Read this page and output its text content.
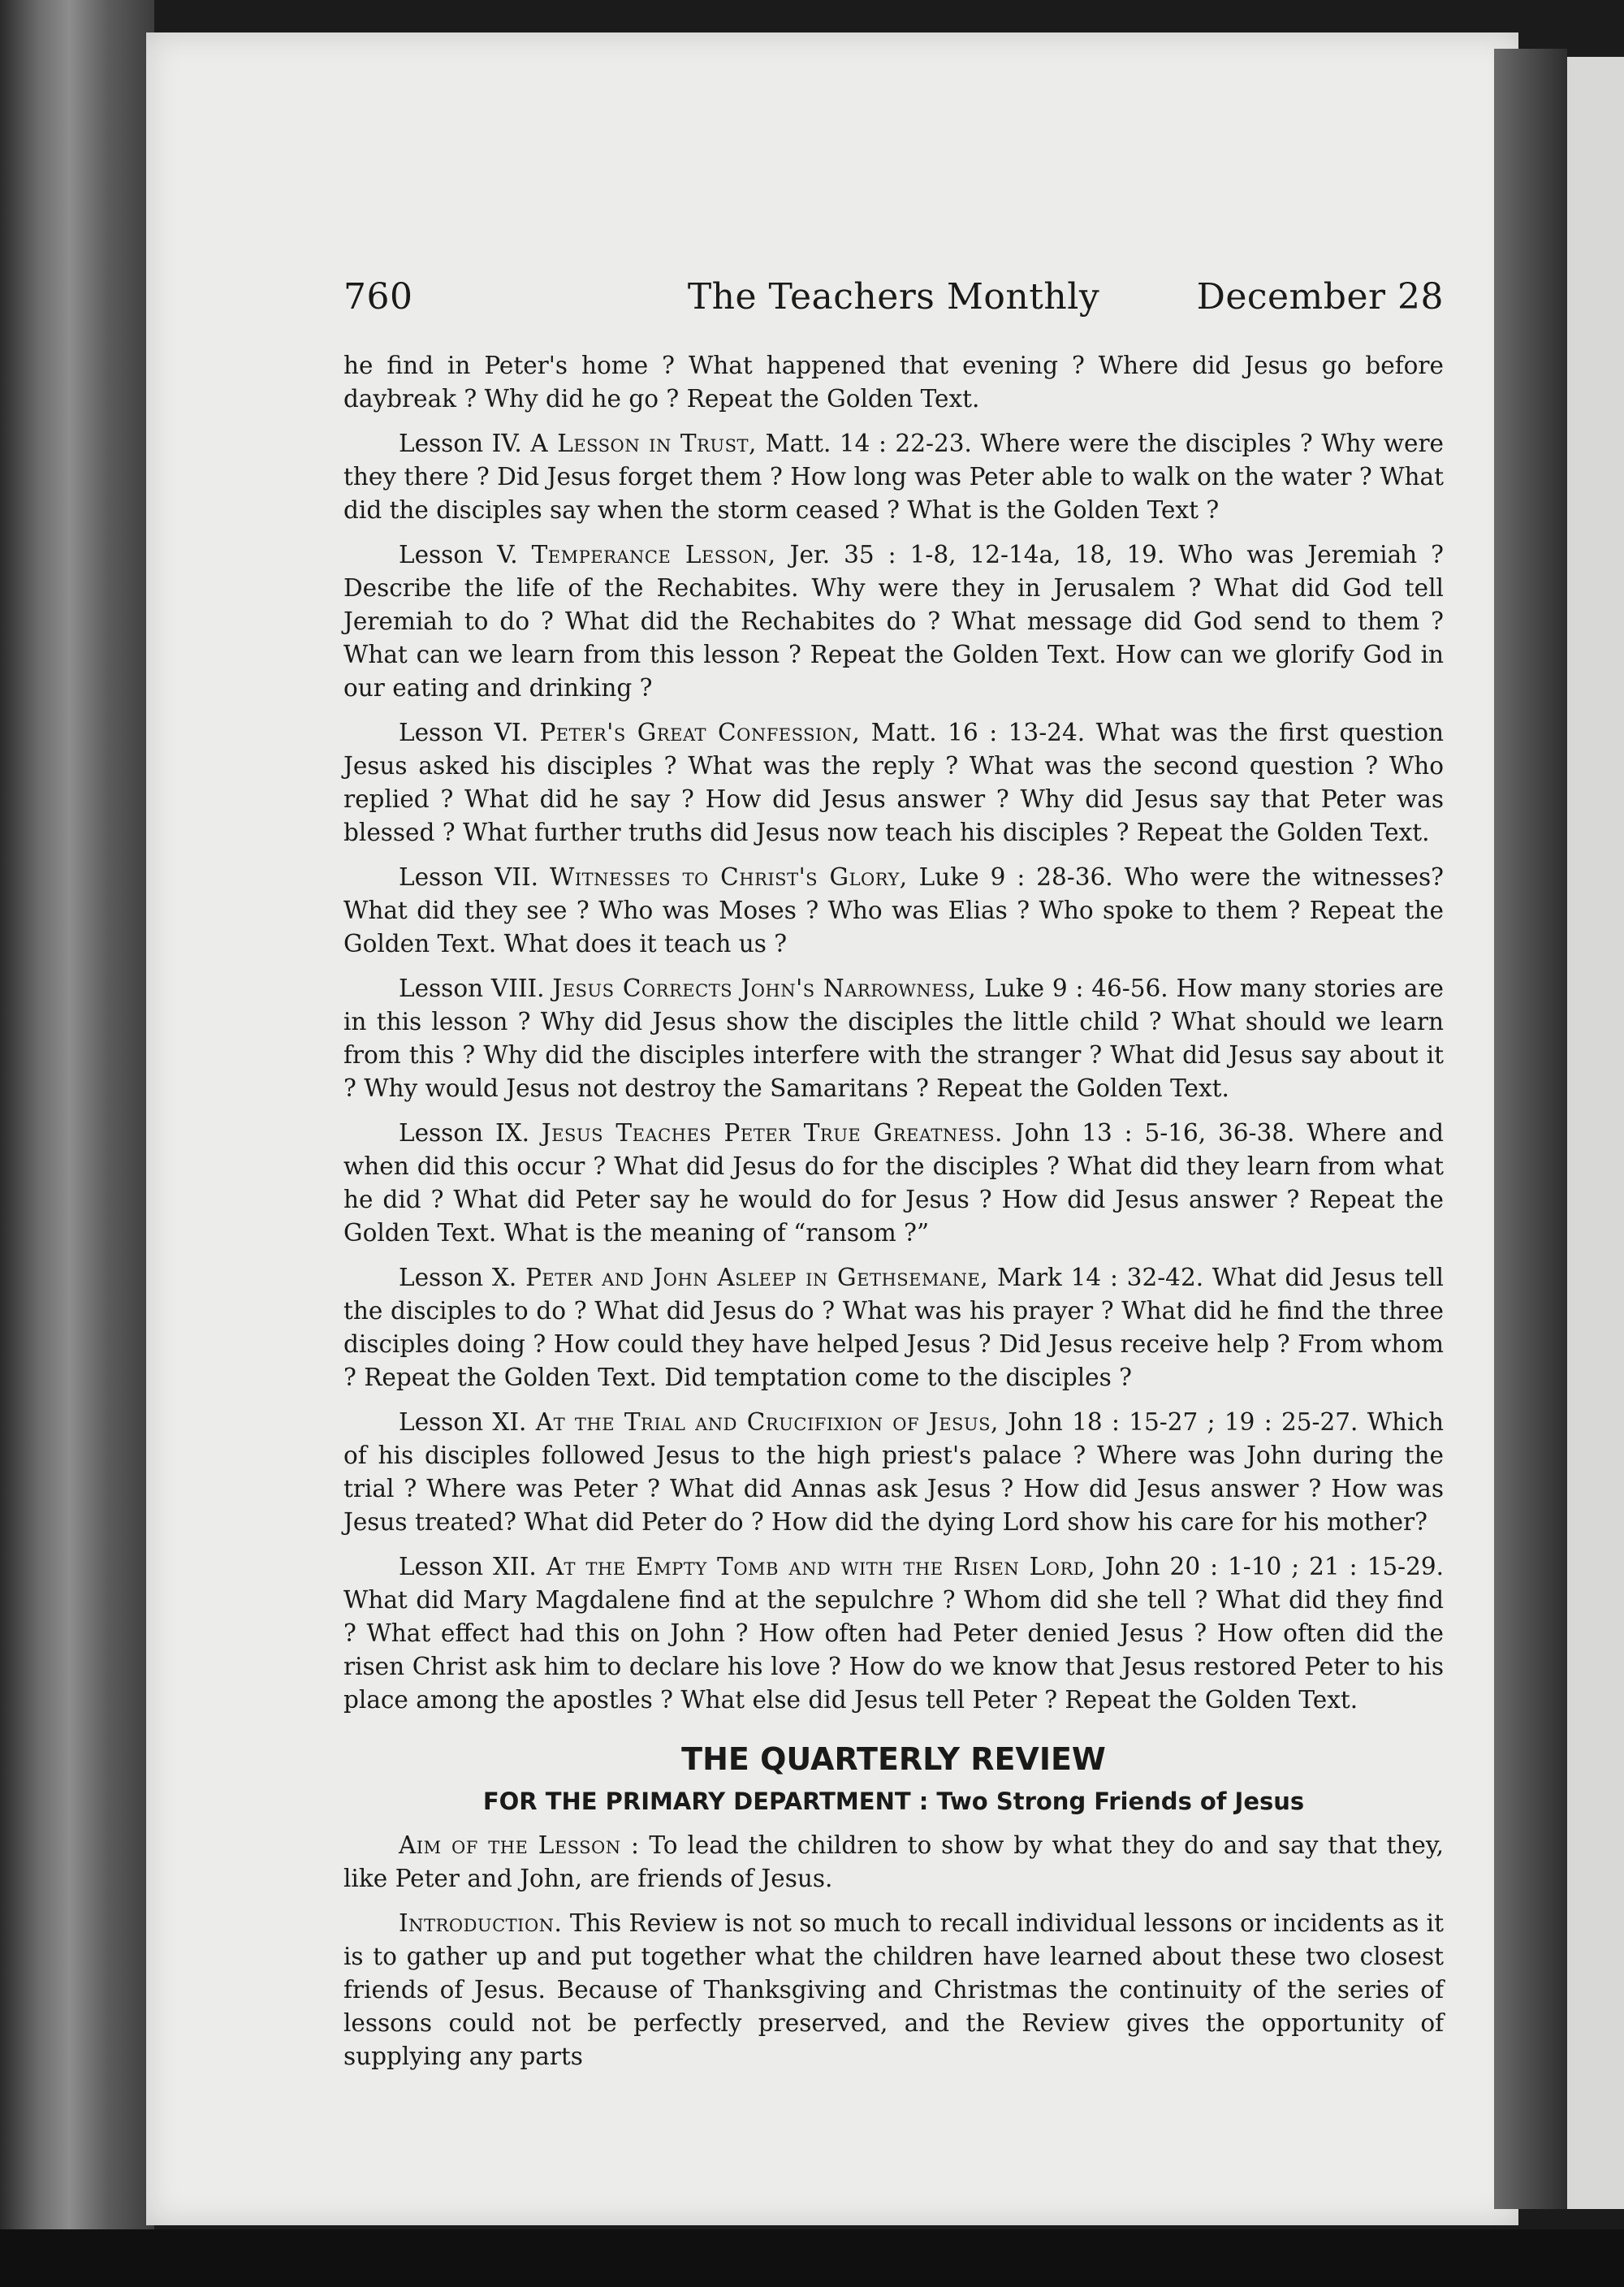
760	The Teachers Monthly	December 28

he find in Peter's home ? What happened that evening ? Where did Jesus go before daybreak ? Why did he go ? Repeat the Golden Text.

Lesson IV. A Lesson in Trust, Matt. 14 : 22-23. Where were the disciples ? Why were they there ? Did Jesus forget them ? How long was Peter able to walk on the water ? What did the disciples say when the storm ceased ? What is the Golden Text ?

Lesson V. Temperance Lesson, Jer. 35 : 1-8, 12-14a, 18, 19. Who was Jeremiah ? Describe the life of the Rechabites. Why were they in Jerusalem ? What did God tell Jeremiah to do ? What did the Rechabites do ? What message did God send to them ? What can we learn from this lesson ? Repeat the Golden Text. How can we glorify God in our eating and drinking ?

Lesson VI. Peter's Great Confession, Matt. 16 : 13-24. What was the first question Jesus asked his disciples ? What was the reply ? What was the second question ? Who replied ? What did he say ? How did Jesus answer ? Why did Jesus say that Peter was blessed ? What further truths did Jesus now teach his disciples ? Repeat the Golden Text.

Lesson VII. Witnesses to Christ's Glory, Luke 9 : 28-36. Who were the witnesses? What did they see ? Who was Moses ? Who was Elias ? Who spoke to them ? Repeat the Golden Text. What does it teach us ?

Lesson VIII. Jesus Corrects John's Narrowness, Luke 9 : 46-56. How many stories are in this lesson ? Why did Jesus show the disciples the little child ? What should we learn from this ? Why did the disciples interfere with the stranger ? What did Jesus say about it ? Why would Jesus not destroy the Samaritans ? Repeat the Golden Text.

Lesson IX. Jesus Teaches Peter True Greatness. John 13 : 5-16, 36-38. Where and when did this occur ? What did Jesus do for the disciples ? What did they learn from what he did ? What did Peter say he would do for Jesus ? How did Jesus answer ? Repeat the Golden Text. What is the meaning of “ransom ?”

Lesson X. Peter and John Asleep in Gethsemane, Mark 14 : 32-42. What did Jesus tell the disciples to do ? What did Jesus do ? What was his prayer ? What did he find the three disciples doing ? How could they have helped Jesus ? Did Jesus receive help ? From whom ? Repeat the Golden Text. Did temptation come to the disciples ?

Lesson XI. At the Trial and Crucifixion of Jesus, John 18 : 15-27 ; 19 : 25-27. Which of his disciples followed Jesus to the high priest's palace ? Where was John during the trial ? Where was Peter ? What did Annas ask Jesus ? How did Jesus answer ? How was Jesus treated? What did Peter do ? How did the dying Lord show his care for his mother?

Lesson XII. At the Empty Tomb and with the Risen Lord, John 20 : 1-10 ; 21 : 15-29. What did Mary Magdalene find at the sepulchre ? Whom did she tell ? What did they find ? What effect had this on John ? How often had Peter denied Jesus ? How often did the risen Christ ask him to declare his love ? How do we know that Jesus restored Peter to his place among the apostles ? What else did Jesus tell Peter ? Repeat the Golden Text.

THE QUARTERLY REVIEW
FOR THE PRIMARY DEPARTMENT : Two Strong Friends of Jesus

Aim of the Lesson : To lead the children to show by what they do and say that they, like Peter and John, are friends of Jesus.

Introduction. This Review is not so much to recall individual lessons or incidents as it is to gather up and put together what the children have learned about these two closest friends of Jesus. Because of Thanksgiving and Christmas the continuity of the series of lessons could not be perfectly preserved, and the Review gives the opportunity of supplying any parts
